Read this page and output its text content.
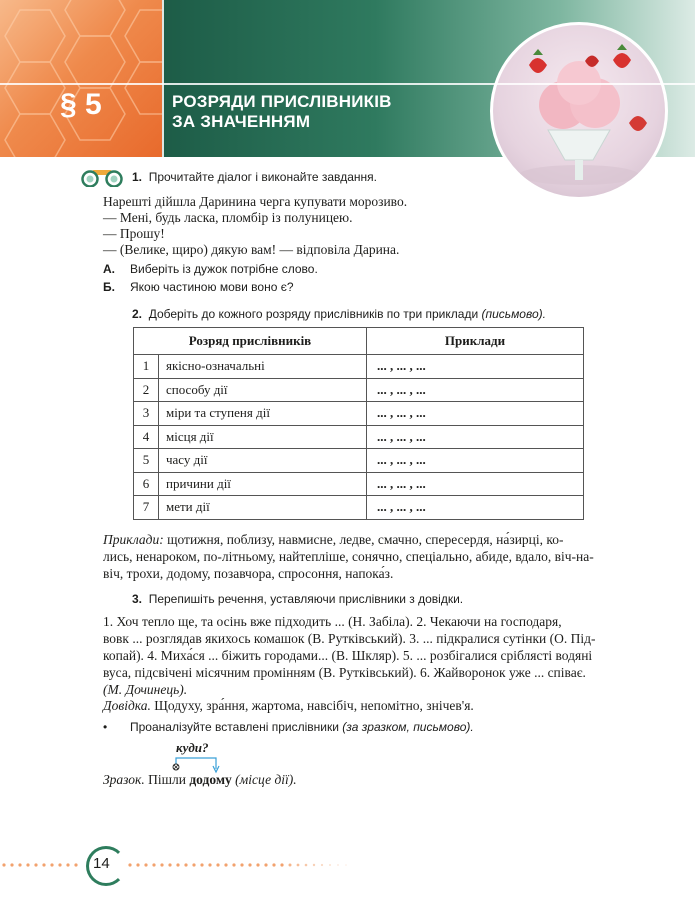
§ 5	РОЗРЯДИ ПРИСЛІВНИКІВ
ЗА ЗНАЧЕННЯМ
1. Прочитайте діалог і виконайте завдання.
Нарешті дійшла Даринина черга купувати морозиво.
— Мені, будь ласка, пломбір із полуницею.
— Прошу!
— (Велике, щиро) дякую вам! — відповіла Дарина.
А. Виберіть із дужок потрібне слово.
Б. Якою частиною мови воно є?
2. Доберіть до кожного розряду прислівників по три приклади (письмово).
Розряд прислівників		Приклади
1	якісно-означальні	... , ... , ...
2	способу дії	... , ... , ...
3	міри та ступеня дії	... , ... , ...
4	місця дії	... , ... , ...
5	часу дії	... , ... , ...
6	причини дії	... , ... , ...
7	мети дії	... , ... , ...
Приклади: щотижня, поблизу, навмисне, ледве, смачно, спересердя, на́зирці, ко-
лись, ненароком, по-літньому, найтепліше, сонячно, спеціально, абиде, вдало, віч-на-
віч, трохи, додому, позавчора, спросоння, напока́з.
3. Перепишіть речення, уставляючи прислівники з довідки.
1. Хоч тепло ще, та осінь вже підходить ... (Н. Забіла). 2. Чекаючи на господаря,
вовк ... розглядав якихось комашок (В. Рутківський). 3. ... підкралися сутінки (О. Під-
копай). 4. Миха́ся ... біжить городами... (В. Шкляр). 5. ... розбігалися сріблясті водяні
вуса, підсвічені місячним промінням (В. Рутківський). 6. Жайворонок уже ... співає.
(М. Дочинець).
Довідка. Щодуху, зра́ння, жартома, навсібіч, непомітно, знічев'я.
• Проаналізуйте вставлені прислівники (за зразком, письмово).
куди?
Зразок. Пішли додому (місце дії).
14
